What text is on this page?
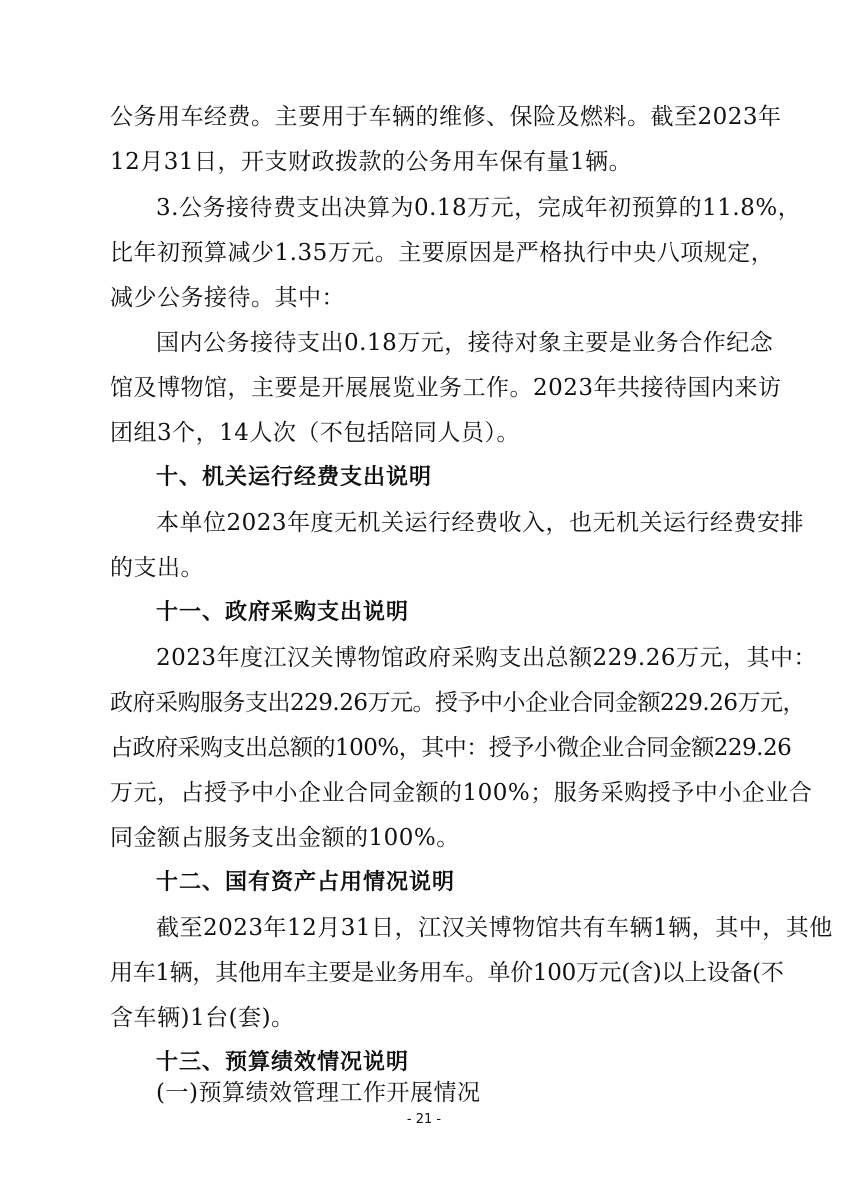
公务用车经费。主要用于车辆的维修、保险及燃料。截至2023年
12月31日，开支财政拨款的公务用车保有量1辆。
3.公务接待费支出决算为0.18万元，完成年初预算的11.8%，
比年初预算减少1.35万元。主要原因是严格执行中央八项规定，
减少公务接待。其中：
国内公务接待支出0.18万元，接待对象主要是业务合作纪念
馆及博物馆，主要是开展展览业务工作。2023年共接待国内来访
团组3个，14人次（不包括陪同人员）。
十、机关运行经费支出说明
本单位2023年度无机关运行经费收入，也无机关运行经费安排
的支出。
十一、政府采购支出说明
2023年度江汉关博物馆政府采购支出总额229.26万元，其中：
政府采购服务支出229.26万元。授予中小企业合同金额229.26万元，
占政府采购支出总额的100%，其中：授予小微企业合同金额229.26
万元，占授予中小企业合同金额的100%；服务采购授予中小企业合
同金额占服务支出金额的100%。
十二、国有资产占用情况说明
截至2023年12月31日，江汉关博物馆共有车辆1辆，其中，其他
用车1辆，其他用车主要是业务用车。单价100万元(含)以上设备(不
含车辆)1台(套)。
十三、预算绩效情况说明
(一)预算绩效管理工作开展情况
- 21 -
